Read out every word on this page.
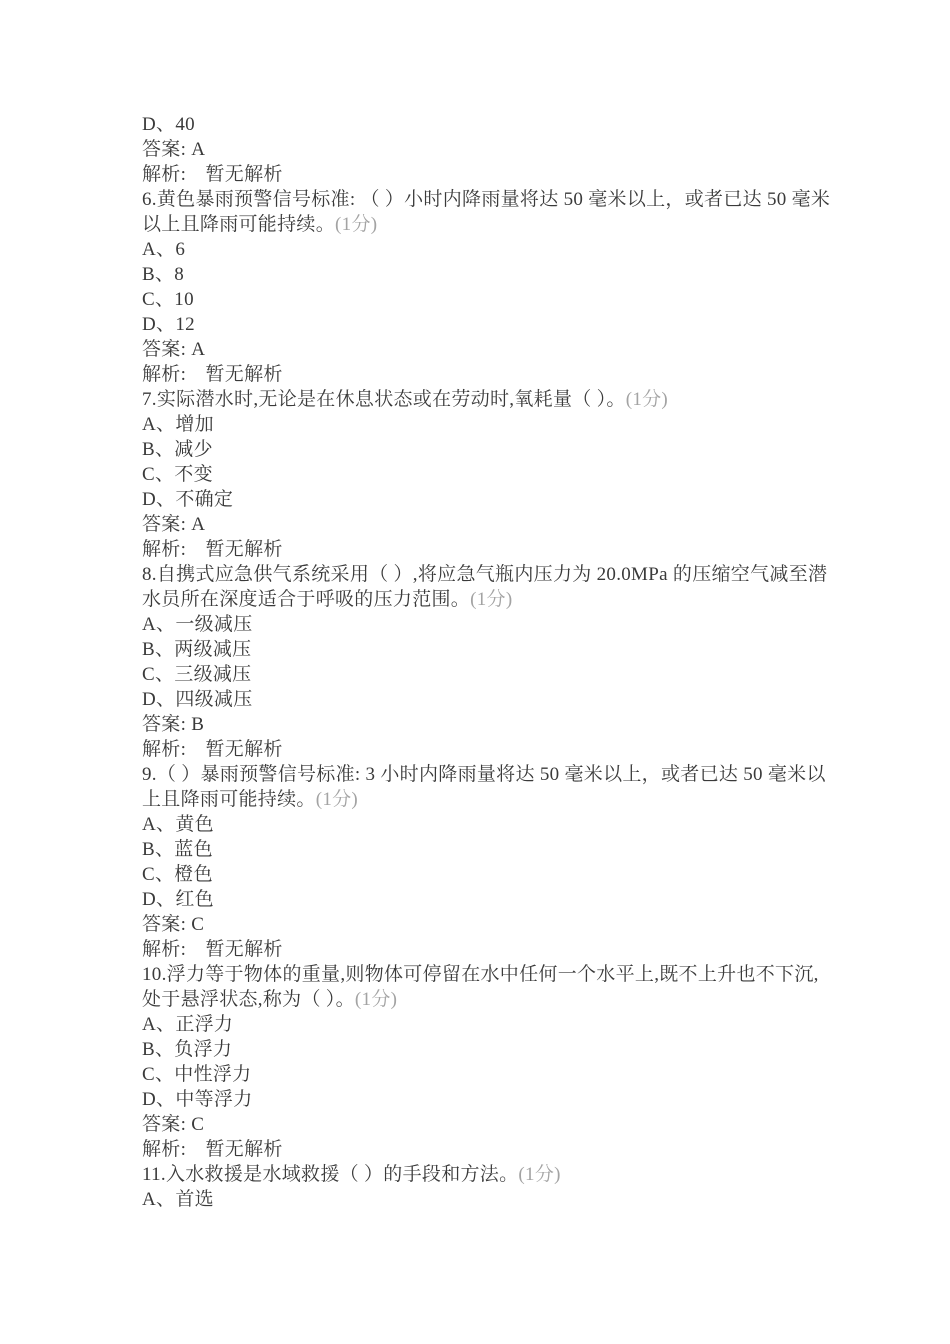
D、40
答案: A
解析:　暂无解析
6.黄色暴雨预警信号标准: （ ）小时内降雨量将达 50 毫米以上，或者已达 50 毫米以上且降雨可能持续。(1分)
A、6
B、8
C、10
D、12
答案: A
解析:　暂无解析
7.实际潜水时,无论是在休息状态或在劳动时,氧耗量（ ）。(1分)
A、增加
B、减少
C、不变
D、不确定
答案: A
解析:　暂无解析
8.自携式应急供气系统采用（ ）,将应急气瓶内压力为 20.0MPa 的压缩空气减至潜水员所在深度适合于呼吸的压力范围。(1分)
A、一级减压
B、两级减压
C、三级减压
D、四级减压
答案: B
解析:　暂无解析
9.（ ）暴雨预警信号标准: 3 小时内降雨量将达 50 毫米以上，或者已达 50 毫米以上且降雨可能持续。(1分)
A、黄色
B、蓝色
C、橙色
D、红色
答案: C
解析:　暂无解析
10.浮力等于物体的重量,则物体可停留在水中任何一个水平上,既不上升也不下沉,处于悬浮状态,称为（ ）。(1分)
A、正浮力
B、负浮力
C、中性浮力
D、中等浮力
答案: C
解析:　暂无解析
11.入水救援是水域救援（ ）的手段和方法。(1分)
A、首选
